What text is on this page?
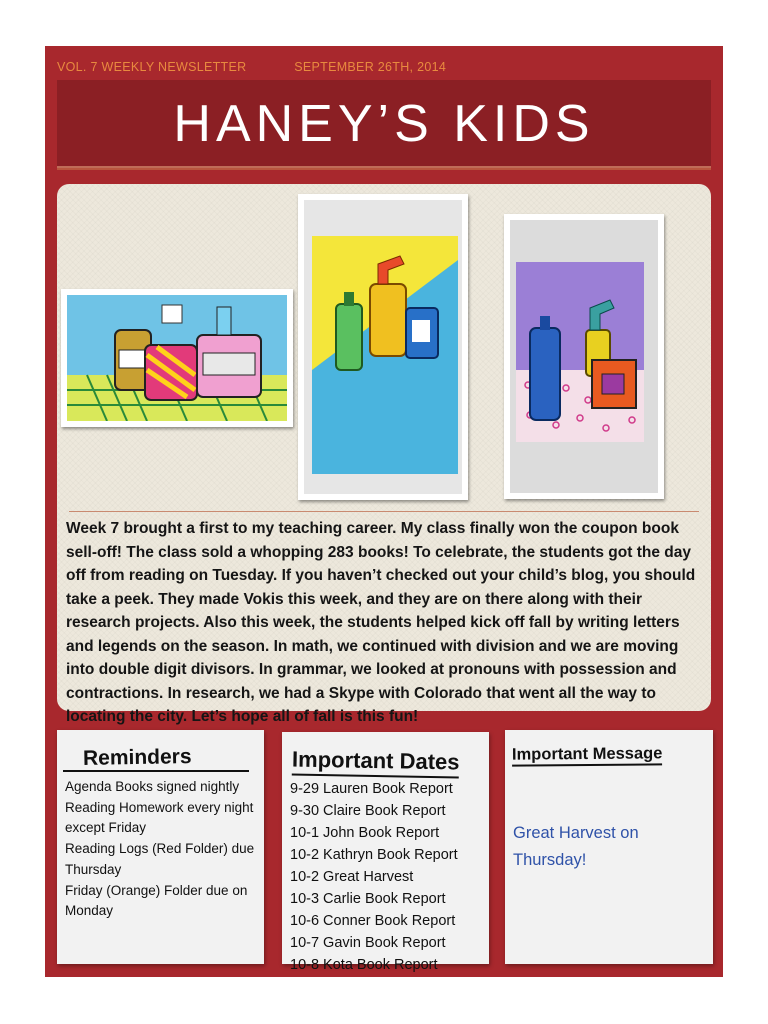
VOL. 7 WEEKLY NEWSLETTER	SEPTEMBER 26TH, 2014
HANEY’S KIDS
Week 7 brought a first to my teaching career. My class finally won the coupon book sell-off! The class sold a whopping 283 books! To celebrate, the students got the day off from reading on Tuesday. If you haven’t checked out your child’s blog, you should take a peek. They made Vokis this week, and they are on there along with their research projects. Also this week, the students helped kick off fall by writing letters and legends on the season. In math, we continued with division and we are moving into double digit divisors. In grammar, we looked at pronouns with possession and contractions. In research, we had a Skype with Colorado that went all the way to locating the city. Let’s hope all of fall is this fun!
Reminders
Agenda Books signed nightly
Reading Homework every night except Friday
Reading Logs (Red Folder) due Thursday
Friday (Orange) Folder due on Monday
Important Dates
9-29 Lauren Book Report
9-30 Claire Book Report
10-1 John Book Report
10-2 Kathryn Book Report
10-2 Great Harvest
10-3 Carlie Book Report
10-6 Conner Book Report
10-7 Gavin Book Report
10-8 Kota Book Report
Important Message
Great Harvest on Thursday!
